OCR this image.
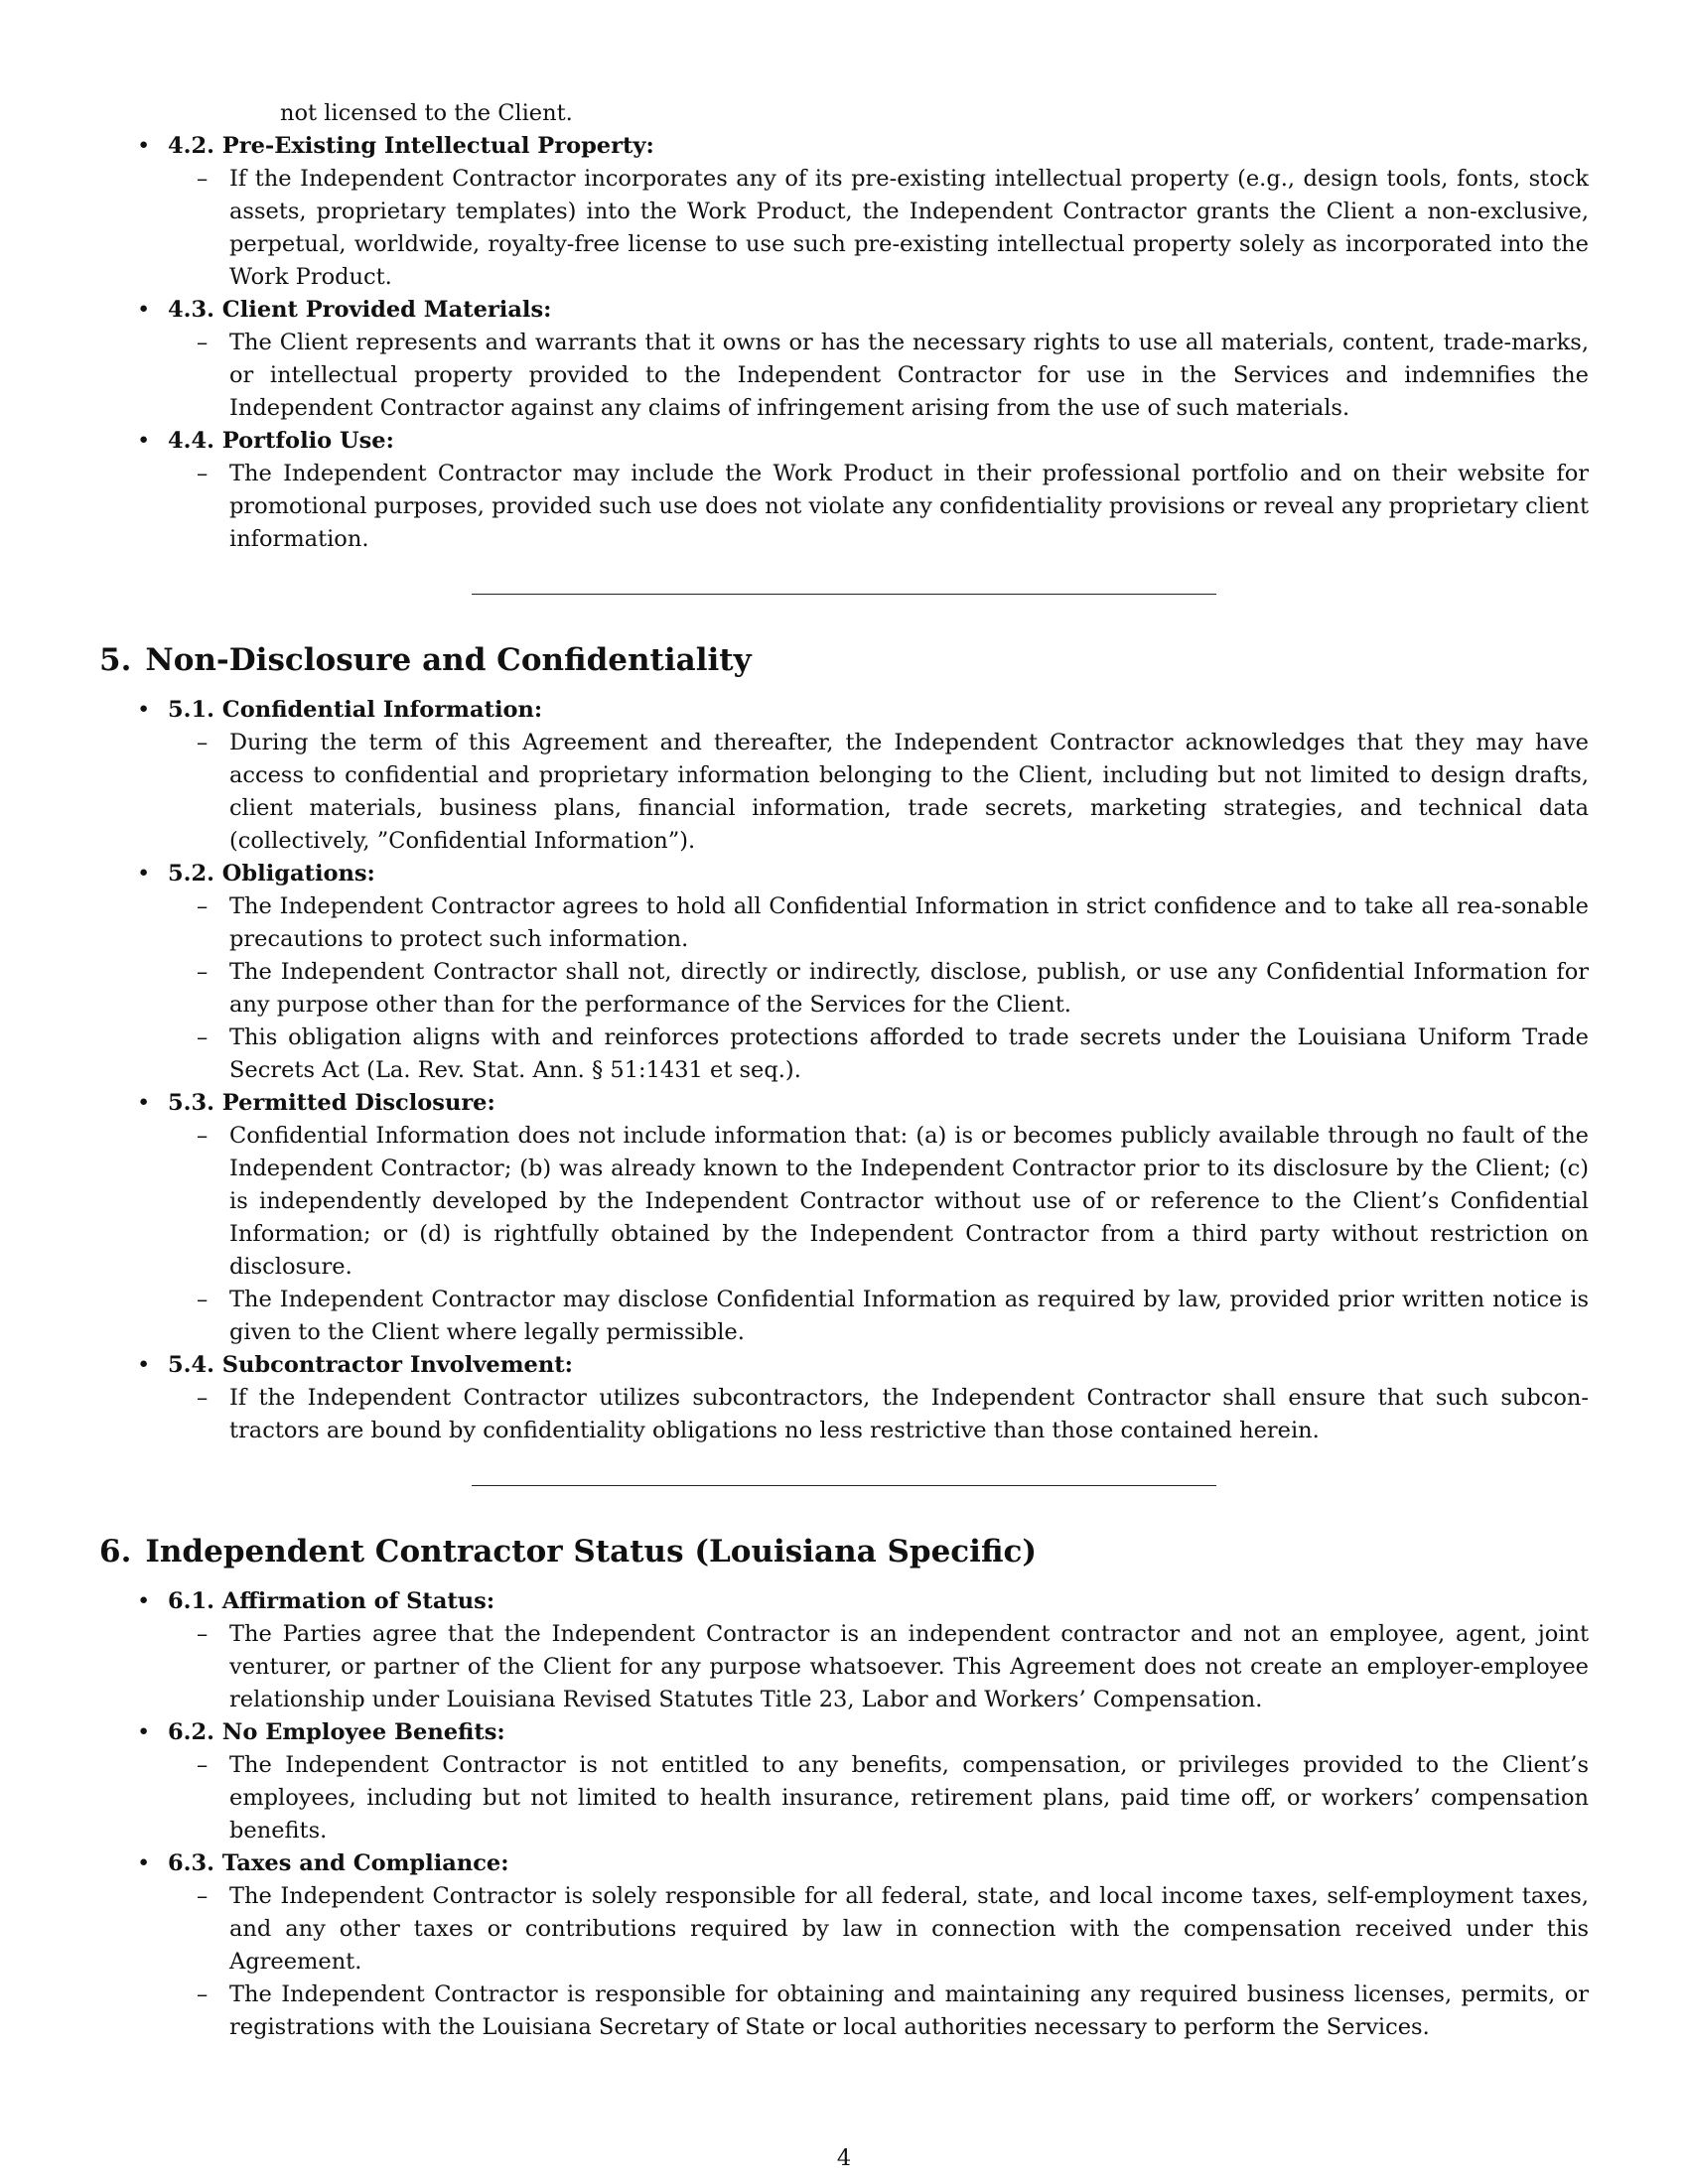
not licensed to the Client.

• 4.2. Pre-Existing Intellectual Property:
– If the Independent Contractor incorporates any of its pre-existing intellectual property (e.g., design tools, fonts, stock assets, proprietary templates) into the Work Product, the Independent Contractor grants the Client a non-exclusive, perpetual, worldwide, royalty-free license to use such pre-existing intellectual property solely as incorporated into the Work Product.
• 4.3. Client Provided Materials:
– The Client represents and warrants that it owns or has the necessary rights to use all materials, content, trade-marks, or intellectual property provided to the Independent Contractor for use in the Services and indemnifies the Independent Contractor against any claims of infringement arising from the use of such materials.
• 4.4. Portfolio Use:
– The Independent Contractor may include the Work Product in their professional portfolio and on their website for promotional purposes, provided such use does not violate any confidentiality provisions or reveal any proprietary client information.
5. Non-Disclosure and Confidentiality
• 5.1. Confidential Information:
– During the term of this Agreement and thereafter, the Independent Contractor acknowledges that they may have access to confidential and proprietary information belonging to the Client, including but not limited to design drafts, client materials, business plans, financial information, trade secrets, marketing strategies, and technical data (collectively, ”Confidential Information”).
• 5.2. Obligations:
– The Independent Contractor agrees to hold all Confidential Information in strict confidence and to take all rea-sonable precautions to protect such information.
– The Independent Contractor shall not, directly or indirectly, disclose, publish, or use any Confidential Information for any purpose other than for the performance of the Services for the Client.
– This obligation aligns with and reinforces protections afforded to trade secrets under the Louisiana Uniform Trade Secrets Act (La. Rev. Stat. Ann. § 51:1431 et seq.).
• 5.3. Permitted Disclosure:
– Confidential Information does not include information that: (a) is or becomes publicly available through no fault of the Independent Contractor; (b) was already known to the Independent Contractor prior to its disclosure by the Client; (c) is independently developed by the Independent Contractor without use of or reference to the Client’s Confidential Information; or (d) is rightfully obtained by the Independent Contractor from a third party without restriction on disclosure.
– The Independent Contractor may disclose Confidential Information as required by law, provided prior written notice is given to the Client where legally permissible.
• 5.4. Subcontractor Involvement:
– If the Independent Contractor utilizes subcontractors, the Independent Contractor shall ensure that such subcon-tractors are bound by confidentiality obligations no less restrictive than those contained herein.
6. Independent Contractor Status (Louisiana Specific)
• 6.1. Affirmation of Status:
– The Parties agree that the Independent Contractor is an independent contractor and not an employee, agent, joint venturer, or partner of the Client for any purpose whatsoever. This Agreement does not create an employer-employee relationship under Louisiana Revised Statutes Title 23, Labor and Workers’ Compensation.
• 6.2. No Employee Benefits:
– The Independent Contractor is not entitled to any benefits, compensation, or privileges provided to the Client’s employees, including but not limited to health insurance, retirement plans, paid time off, or workers’ compensation benefits.
• 6.3. Taxes and Compliance:
– The Independent Contractor is solely responsible for all federal, state, and local income taxes, self-employment taxes, and any other taxes or contributions required by law in connection with the compensation received under this Agreement.
– The Independent Contractor is responsible for obtaining and maintaining any required business licenses, permits, or registrations with the Louisiana Secretary of State or local authorities necessary to perform the Services.
4
